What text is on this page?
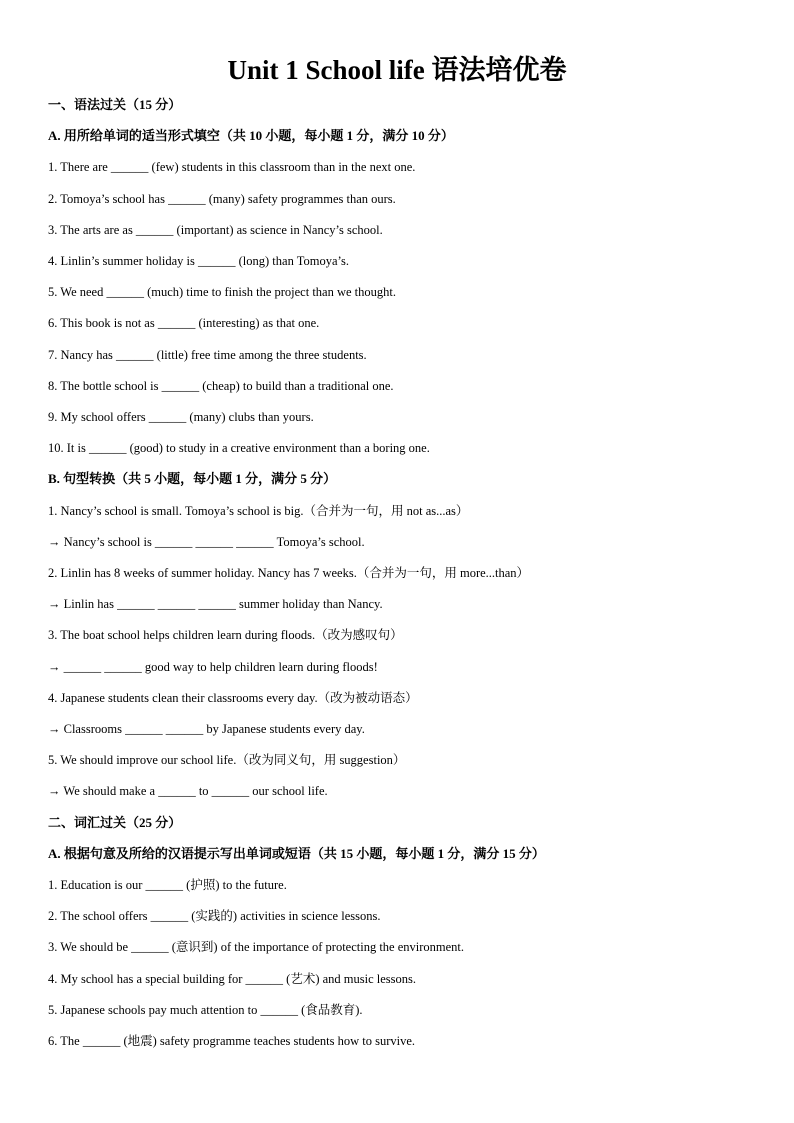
Unit 1 School life 语法培优卷
一、语法过关（15 分）
A. 用所给单词的适当形式填空（共 10 小题，每小题 1 分，满分 10 分）
1. There are ______ (few) students in this classroom than in the next one.
2. Tomoya’s school has ______ (many) safety programmes than ours.
3. The arts are as ______ (important) as science in Nancy’s school.
4. Linlin’s summer holiday is ______ (long) than Tomoya’s.
5. We need ______ (much) time to finish the project than we thought.
6. This book is not as ______ (interesting) as that one.
7. Nancy has ______ (little) free time among the three students.
8. The bottle school is ______ (cheap) to build than a traditional one.
9. My school offers ______ (many) clubs than yours.
10. It is ______ (good) to study in a creative environment than a boring one.
B. 句型转换（共 5 小题，每小题 1 分，满分 5 分）
1. Nancy’s school is small. Tomoya’s school is big.（合并为一句，用 not as...as）
→ Nancy’s school is ______ ______ ______ Tomoya’s school.
2. Linlin has 8 weeks of summer holiday. Nancy has 7 weeks.（合并为一句，用 more...than）
→ Linlin has ______ ______ ______ summer holiday than Nancy.
3. The boat school helps children learn during floods.（改为感叹句）
→ ______ ______ good way to help children learn during floods!
4. Japanese students clean their classrooms every day.（改为被动语态）
→ Classrooms ______ ______ by Japanese students every day.
5. We should improve our school life.（改为同义句，用 suggestion）
→ We should make a ______ to ______ our school life.
二、词汇过关（25 分）
A. 根据句意及所给的汉语提示写出单词或短语（共 15 小题，每小题 1 分，满分 15 分）
1. Education is our ______ (护照) to the future.
2. The school offers ______ (实践的) activities in science lessons.
3. We should be ______ (意识到) of the importance of protecting the environment.
4. My school has a special building for ______ (艺术) and music lessons.
5. Japanese schools pay much attention to ______ (食品教育).
6. The ______ (地震) safety programme teaches students how to survive.
